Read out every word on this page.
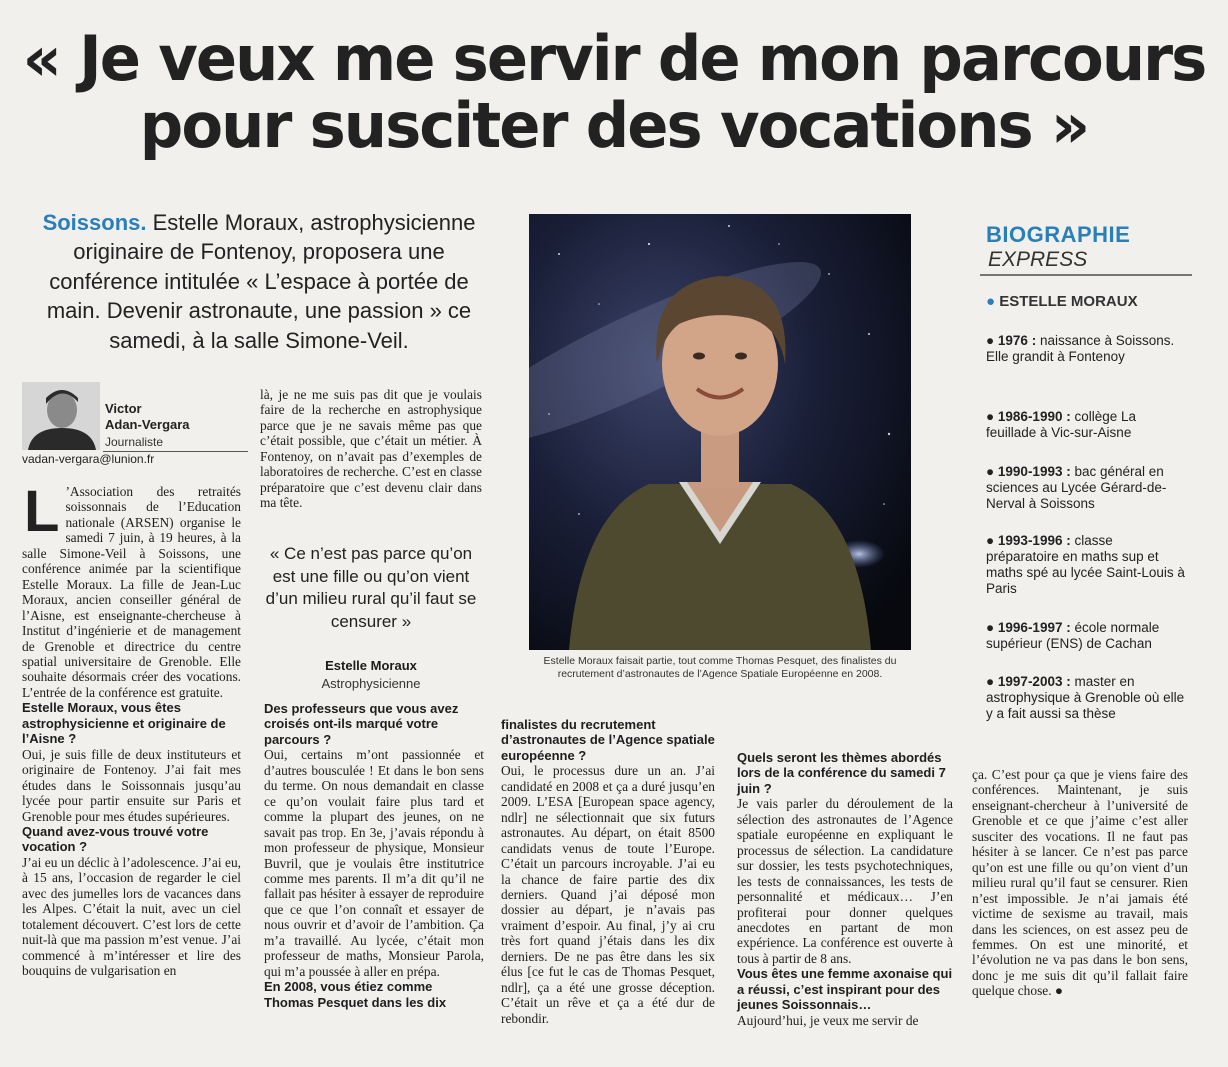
« Je veux me servir de mon parcours
pour susciter des vocations »
Soissons. Estelle Moraux, astrophysicienne originaire de Fontenoy, proposera une conférence intitulée « L’espace à portée de main. Devenir astronaute, une passion » ce samedi, à la salle Simone-Veil.
Victor
Adan-Vergara
Journaliste
vadan-vergara@lunion.fr
L ’Association des retraités soissonnais de l’Education nationale (ARSEN) organise le samedi 7 juin, à 19 heures, à la salle Simone-Veil à Soissons, une conférence animée par la scientifique Estelle Moraux. La fille de Jean-Luc Moraux, ancien conseiller général de l’Aisne, est enseignante-chercheuse à Institut d’ingénierie et de management de Grenoble et directrice du centre spatial universitaire de Grenoble. Elle souhaite désormais créer des vocations. L’entrée de la conférence est gratuite.

Estelle Moraux, vous êtes astrophysicienne et originaire de l’Aisne ?

Oui, je suis fille de deux instituteurs et originaire de Fontenoy. J’ai fait mes études dans le Soissonnais jusqu’au lycée pour partir ensuite sur Paris et Grenoble pour mes études supérieures.

Quand avez-vous trouvé votre vocation ?

J’ai eu un déclic à l’adolescence. J’ai eu, à 15 ans, l’occasion de regarder le ciel avec des jumelles lors de vacances dans les Alpes. C’était la nuit, avec un ciel totalement découvert. C’est lors de cette nuit-là que ma passion m’est venue. J’ai commencé à m’intéresser et lire des bouquins de vulgarisation en

là, je ne me suis pas dit que je voulais faire de la recherche en astrophysique parce que je ne savais même pas que c’était possible, que c’était un métier. À Fontenoy, on n’avait pas d’exemples de laboratoires de recherche. C’est en classe préparatoire que c’est devenu clair dans ma tête.

« Ce n’est pas parce qu’on est une fille ou qu’on vient d’un milieu rural qu’il faut se censurer »
Estelle Moraux
Astrophysicienne

Des professeurs que vous avez croisés ont-ils marqué votre parcours ?

Oui, certains m’ont passionnée et d’autres bousculée ! Et dans le bon sens du terme. On nous demandait en classe ce qu’on voulait faire plus tard et comme la plupart des jeunes, on ne savait pas trop. En 3e, j’avais répondu à mon professeur de physique, Monsieur Buvril, que je voulais être institutrice comme mes parents. Il m’a dit qu’il ne fallait pas hésiter à essayer de reproduire que ce que l’on connaît et essayer de nous ouvrir et d’avoir de l’ambition. Ça m’a travaillé. Au lycée, c’était mon professeur de maths, Monsieur Parola, qui m’a poussée à aller en prépa.

En 2008, vous étiez comme Thomas Pesquet dans les dix

Estelle Moraux faisait partie, tout comme Thomas Pesquet, des finalistes du recrutement d’astronautes de l’Agence Spatiale Européenne en 2008.

finalistes du recrutement d’astronautes de l’Agence spatiale européenne ?

Oui, le processus dure un an. J’ai candidaté en 2008 et ça a duré jusqu’en 2009. L’ESA [European space agency, ndlr] ne sélectionnait que six futurs astronautes. Au départ, on était 8500 candidats venus de toute l’Europe. C’était un parcours incroyable. J’ai eu la chance de faire partie des dix derniers. Quand j’ai déposé mon dossier au départ, je n’avais pas vraiment d’espoir. Au final, j’y ai cru très fort quand j’étais dans les dix derniers. De ne pas être dans les six élus [ce fut le cas de Thomas Pesquet, ndlr], ça a été une grosse déception. C’était un rêve et ça a été dur de rebondir.

Quels seront les thèmes abordés lors de la conférence du samedi 7 juin ?

Je vais parler du déroulement de la sélection des astronautes de l’Agence spatiale européenne en expliquant le processus de sélection. La candidature sur dossier, les tests psychotechniques, les tests de connaissances, les tests de personnalité et médicaux… J’en profiterai pour donner quelques anecdotes en partant de mon expérience. La conférence est ouverte à tous à partir de 8 ans.

Vous êtes une femme axonaise qui a réussi, c’est inspirant pour des jeunes Soissonnais…

Aujourd’hui, je veux me servir de

ça. C’est pour ça que je viens faire des conférences. Maintenant, je suis enseignant-chercheur à l’université de Grenoble et ce que j’aime c’est aller susciter des vocations. Il ne faut pas hésiter à se lancer. Ce n’est pas parce qu’on est une fille ou qu’on vient d’un milieu rural qu’il faut se censurer. Rien n’est impossible. Je n’ai jamais été victime de sexisme au travail, mais dans les sciences, on est assez peu de femmes. On est une minorité, et l’évolution ne va pas dans le bon sens, donc je me suis dit qu’il fallait faire quelque chose. ●

BIOGRAPHIE
EXPRESS
● ESTELLE MORAUX
● 1976 : naissance à Soissons. Elle grandit à Fontenoy
● 1986-1990 : collège La feuillade à Vic-sur-Aisne
● 1990-1993 : bac général en sciences au Lycée Gérard-de-Nerval à Soissons
● 1993-1996 : classe préparatoire en maths sup et maths spé au lycée Saint-Louis à Paris
● 1996-1997 : école normale supérieur (ENS) de Cachan
● 1997-2003 : master en astrophysique à Grenoble où elle y a fait aussi sa thèse
